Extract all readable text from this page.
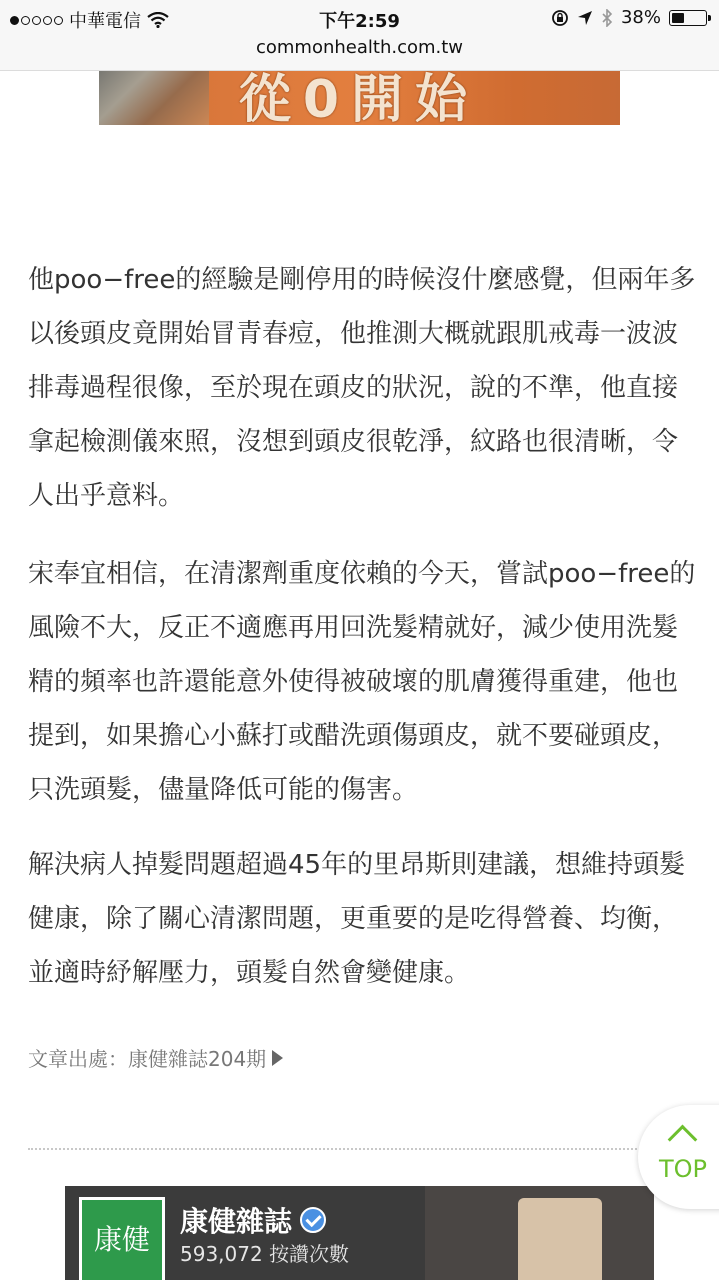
中華電信	下午2:59	38%
commonhealth.com.tw
從0開始

他poo−free的經驗是剛停用的時候沒什麼感覺，但兩年多以後頭皮竟開始冒青春痘，他推測大概就跟肌戒毒一波波排毒過程很像，至於現在頭皮的狀況，說的不準，他直接拿起檢測儀來照，沒想到頭皮很乾淨，紋路也很清晰，令人出乎意料。

宋奉宜相信，在清潔劑重度依賴的今天，嘗試poo−free的風險不大，反正不適應再用回洗髮精就好，減少使用洗髮精的頻率也許還能意外使得被破壞的肌膚獲得重建，他也提到，如果擔心小蘇打或醋洗頭傷頭皮，就不要碰頭皮，只洗頭髮，儘量降低可能的傷害。

解決病人掉髮問題超過45年的里昂斯則建議，想維持頭髮健康，除了關心清潔問題，更重要的是吃得營養、均衡，並適時紓解壓力，頭髮自然會變健康。

文章出處：康健雜誌204期
康健
康健雜誌
593,072 按讚次數
TOP
